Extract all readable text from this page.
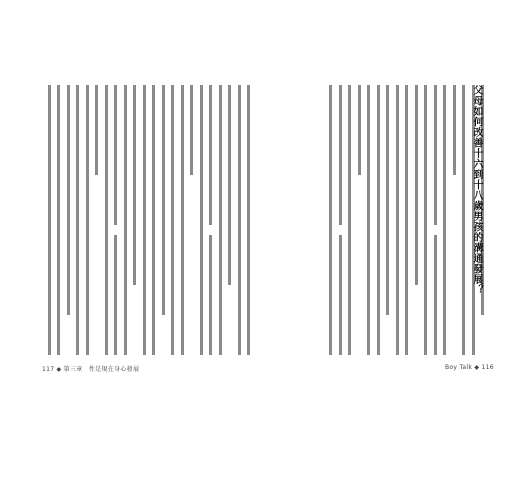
父母如何改善十六到十八歲男孩的溝通發展？
117 ◆ 第三章　性是現在身心發展	Boy Talk ◆ 116
